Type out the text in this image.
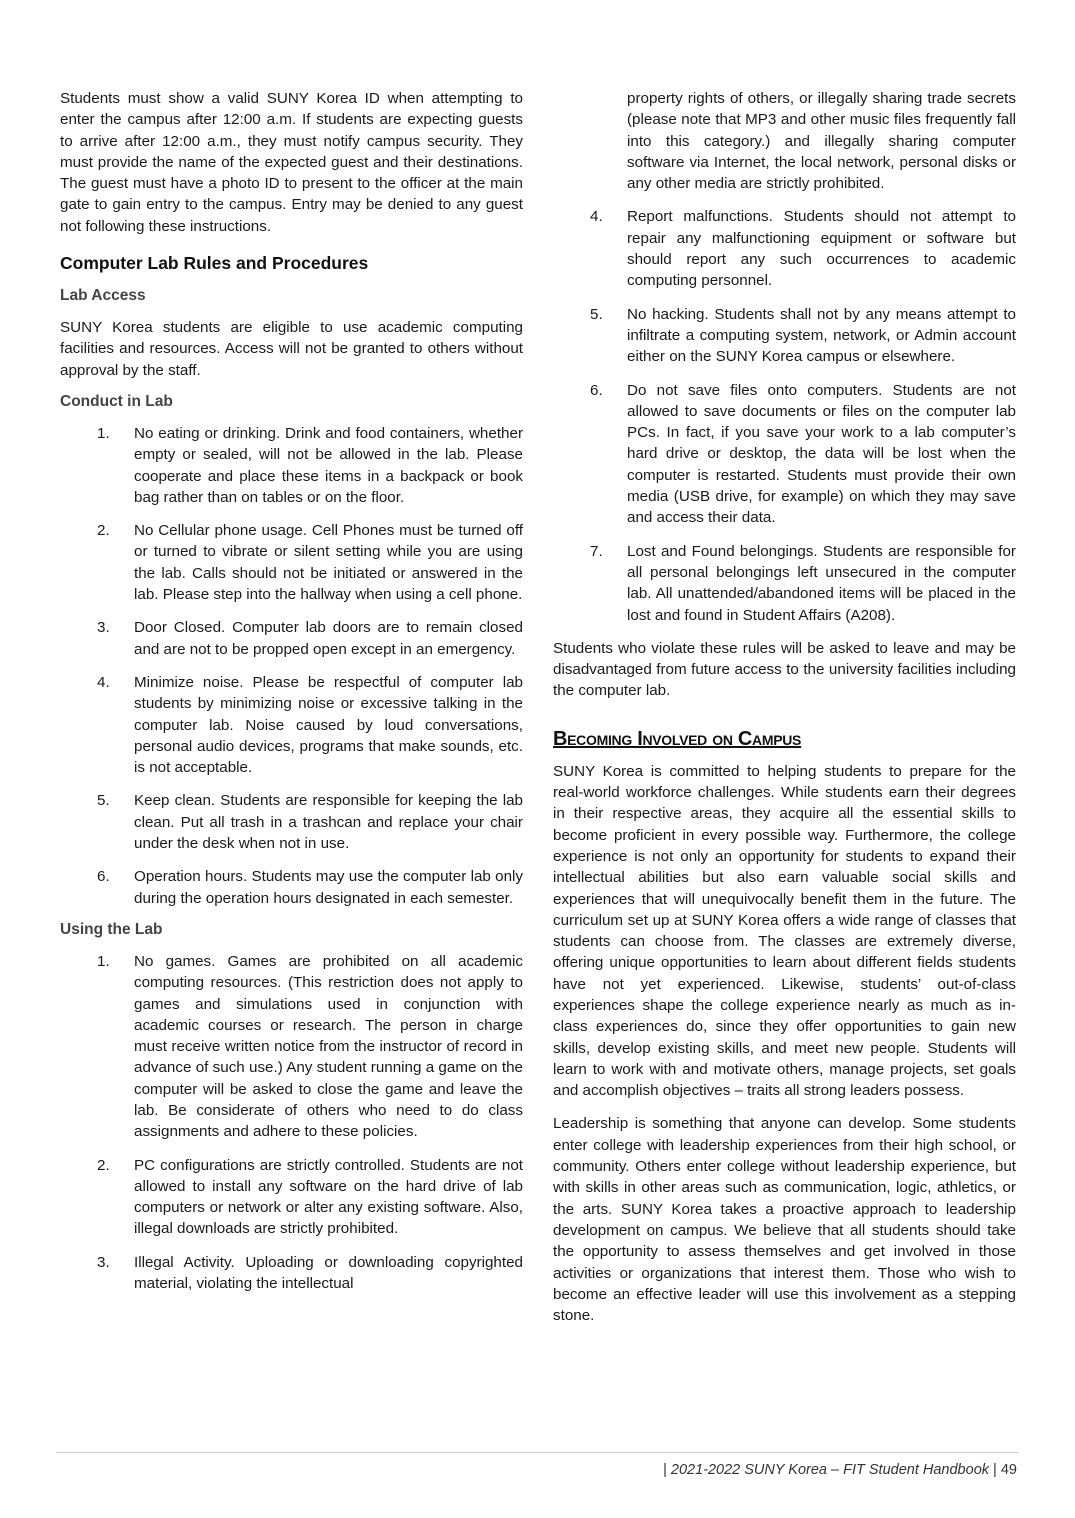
Students must show a valid SUNY Korea ID when attempting to enter the campus after 12:00 a.m. If students are expecting guests to arrive after 12:00 a.m., they must notify campus security. They must provide the name of the expected guest and their destinations. The guest must have a photo ID to present to the officer at the main gate to gain entry to the campus. Entry may be denied to any guest not following these instructions.

Computer Lab Rules and Procedures
Lab Access

SUNY Korea students are eligible to use academic computing facilities and resources. Access will not be granted to others without approval by the staff.

Conduct in Lab
1.	No eating or drinking. Drink and food containers, whether empty or sealed, will not be allowed in the lab. Please cooperate and place these items in a backpack or book bag rather than on tables or on the floor.

2.	No Cellular phone usage. Cell Phones must be turned off or turned to vibrate or silent setting while you are using the lab. Calls should not be initiated or answered in the lab. Please step into the hallway when using a cell phone.

3.	Door Closed. Computer lab doors are to remain closed and are not to be propped open except in an emergency.

4.	Minimize noise. Please be respectful of computer lab students by minimizing noise or excessive talking in the computer lab. Noise caused by loud conversations, personal audio devices, programs that make sounds, etc. is not acceptable.

5.	Keep clean. Students are responsible for keeping the lab clean. Put all trash in a trashcan and replace your chair under the desk when not in use.

6.	Operation hours. Students may use the computer lab only during the operation hours designated in each semester.

Using the Lab
1.	No games. Games are prohibited on all academic computing resources. (This restriction does not apply to games and simulations used in conjunction with academic courses or research. The person in charge must receive written notice from the instructor of record in advance of such use.) Any student running a game on the computer will be asked to close the game and leave the lab. Be considerate of others who need to do class assignments and adhere to these policies.

2.	PC configurations are strictly controlled. Students are not allowed to install any software on the hard drive of lab computers or network or alter any existing software. Also, illegal downloads are strictly prohibited.

3.	Illegal Activity. Uploading or downloading copyrighted material, violating the intellectual

property rights of others, or illegally sharing trade secrets (please note that MP3 and other music files frequently fall into this category.) and illegally sharing computer software via Internet, the local network, personal disks or any other media are strictly prohibited.

4.	Report malfunctions. Students should not attempt to repair any malfunctioning equipment or software but should report any such occurrences to academic computing personnel.

5.	No hacking. Students shall not by any means attempt to infiltrate a computing system, network, or Admin account either on the SUNY Korea campus or elsewhere.

6.	Do not save files onto computers. Students are not allowed to save documents or files on the computer lab PCs. In fact, if you save your work to a lab computer’s hard drive or desktop, the data will be lost when the computer is restarted. Students must provide their own media (USB drive, for example) on which they may save and access their data.

7.	Lost and Found belongings. Students are responsible for all personal belongings left unsecured in the computer lab. All unattended/abandoned items will be placed in the lost and found in Student Affairs (A208).

Students who violate these rules will be asked to leave and may be disadvantaged from future access to the university facilities including the computer lab.

Becoming Involved on Campus

SUNY Korea is committed to helping students to prepare for the real-world workforce challenges. While students earn their degrees in their respective areas, they acquire all the essential skills to become proficient in every possible way. Furthermore, the college experience is not only an opportunity for students to expand their intellectual abilities but also earn valuable social skills and experiences that will unequivocally benefit them in the future. The curriculum set up at SUNY Korea offers a wide range of classes that students can choose from. The classes are extremely diverse, offering unique opportunities to learn about different fields students have not yet experienced. Likewise, students’ out-of-class experiences shape the college experience nearly as much as in-class experiences do, since they offer opportunities to gain new skills, develop existing skills, and meet new people. Students will learn to work with and motivate others, manage projects, set goals and accomplish objectives – traits all strong leaders possess.

Leadership is something that anyone can develop. Some students enter college with leadership experiences from their high school, or community. Others enter college without leadership experience, but with skills in other areas such as communication, logic, athletics, or the arts. SUNY Korea takes a proactive approach to leadership development on campus. We believe that all students should take the opportunity to assess themselves and get involved in those activities or organizations that interest them. Those who wish to become an effective leader will use this involvement as a stepping stone.

| 2021-2022 SUNY Korea – FIT Student Handbook | 49
